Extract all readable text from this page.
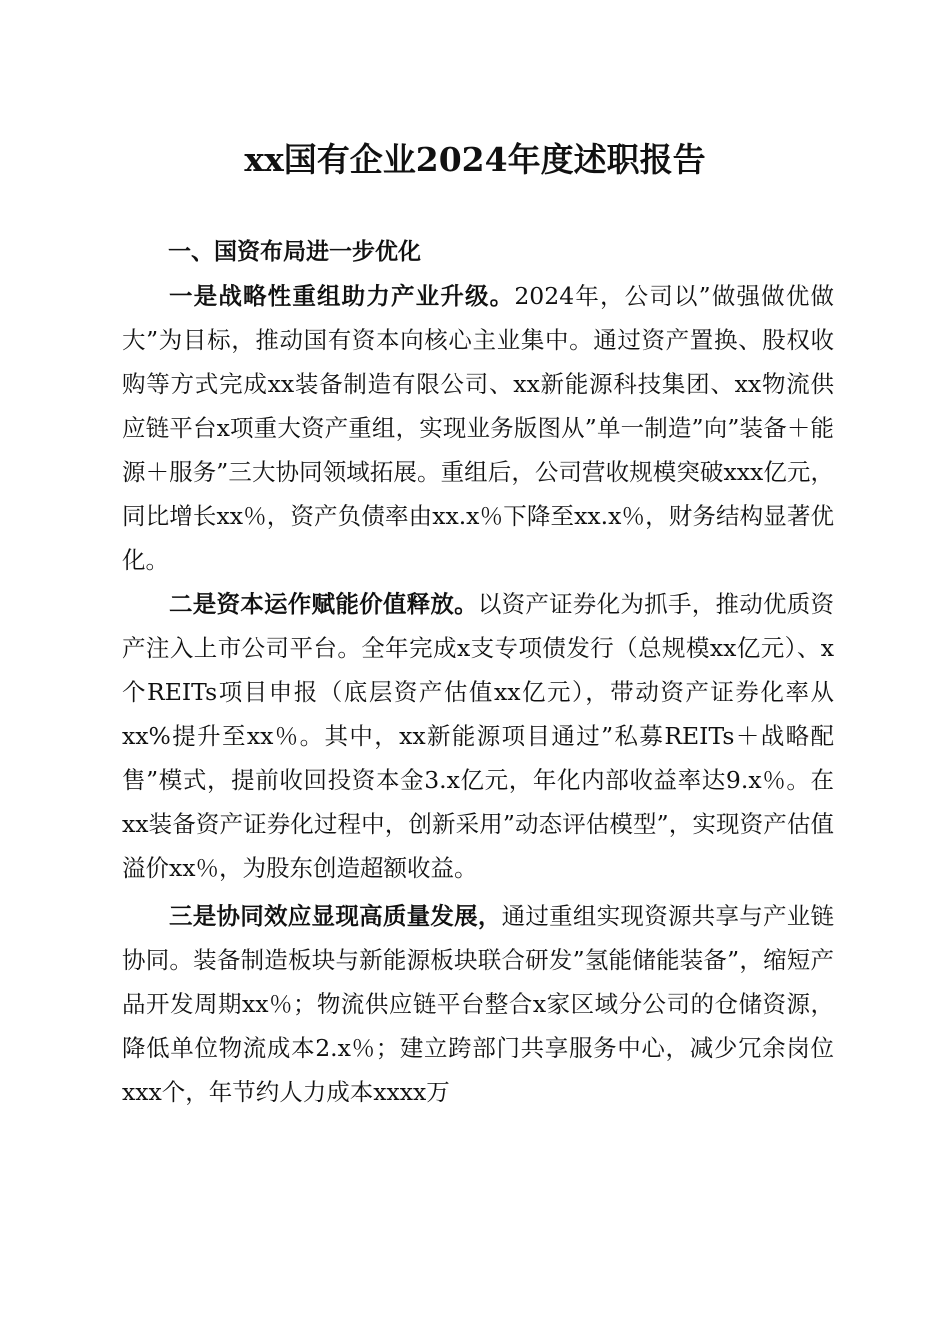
xx国有企业2024年度述职报告
一、国资布局进一步优化

一是战略性重组助力产业升级。2024年，公司以”做强做优做大”为目标，推动国有资本向核心主业集中。通过资产置换、股权收购等方式完成xx装备制造有限公司、xx新能源科技集团、xx物流供应链平台x项重大资产重组，实现业务版图从”单一制造”向”装备＋能源＋服务”三大协同领域拓展。重组后，公司营收规模突破xxx亿元，同比增长xx％，资产负债率由xx.x％下降至xx.x％，财务结构显著优化。

二是资本运作赋能价值释放。以资产证券化为抓手，推动优质资产注入上市公司平台。全年完成x支专项债发行（总规模xx亿元）、x个REITs项目申报（底层资产估值xx亿元），带动资产证券化率从xx%提升至xx％。其中，xx新能源项目通过”私募REITs＋战略配售”模式，提前收回投资本金3.x亿元，年化内部收益率达9.x％。在xx装备资产证券化过程中，创新采用”动态评估模型”，实现资产估值溢价xx％，为股东创造超额收益。

三是协同效应显现高质量发展，通过重组实现资源共享与产业链协同。装备制造板块与新能源板块联合研发”氢能储能装备”，缩短产品开发周期xx％；物流供应链平台整合x家区域分公司的仓储资源，降低单位物流成本2.x％；建立跨部门共享服务中心，减少冗余岗位xxx个，年节约人力成本xxxx万
